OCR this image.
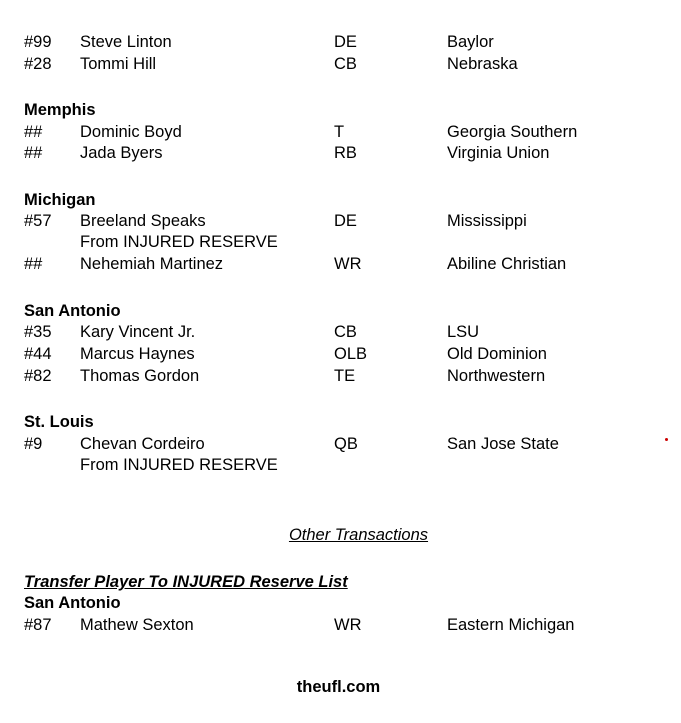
#99 Steve Linton	DE	Baylor
#28 Tommi Hill	CB	Nebraska
Memphis
## Dominic Boyd	T	Georgia Southern
## Jada Byers	RB	Virginia Union
Michigan
#57 Breeland Speaks	DE	Mississippi
From INJURED RESERVE
## Nehemiah Martinez	WR	Abiline Christian
San Antonio
#35 Kary Vincent Jr.	CB	LSU
#44 Marcus Haynes	OLB	Old Dominion
#82 Thomas Gordon	TE	Northwestern
St. Louis
#9 Chevan Cordeiro	QB	San Jose State
From INJURED RESERVE
Other Transactions
Transfer Player To INJURED Reserve List
San Antonio
#87 Mathew Sexton	WR	Eastern Michigan
theufl.com
